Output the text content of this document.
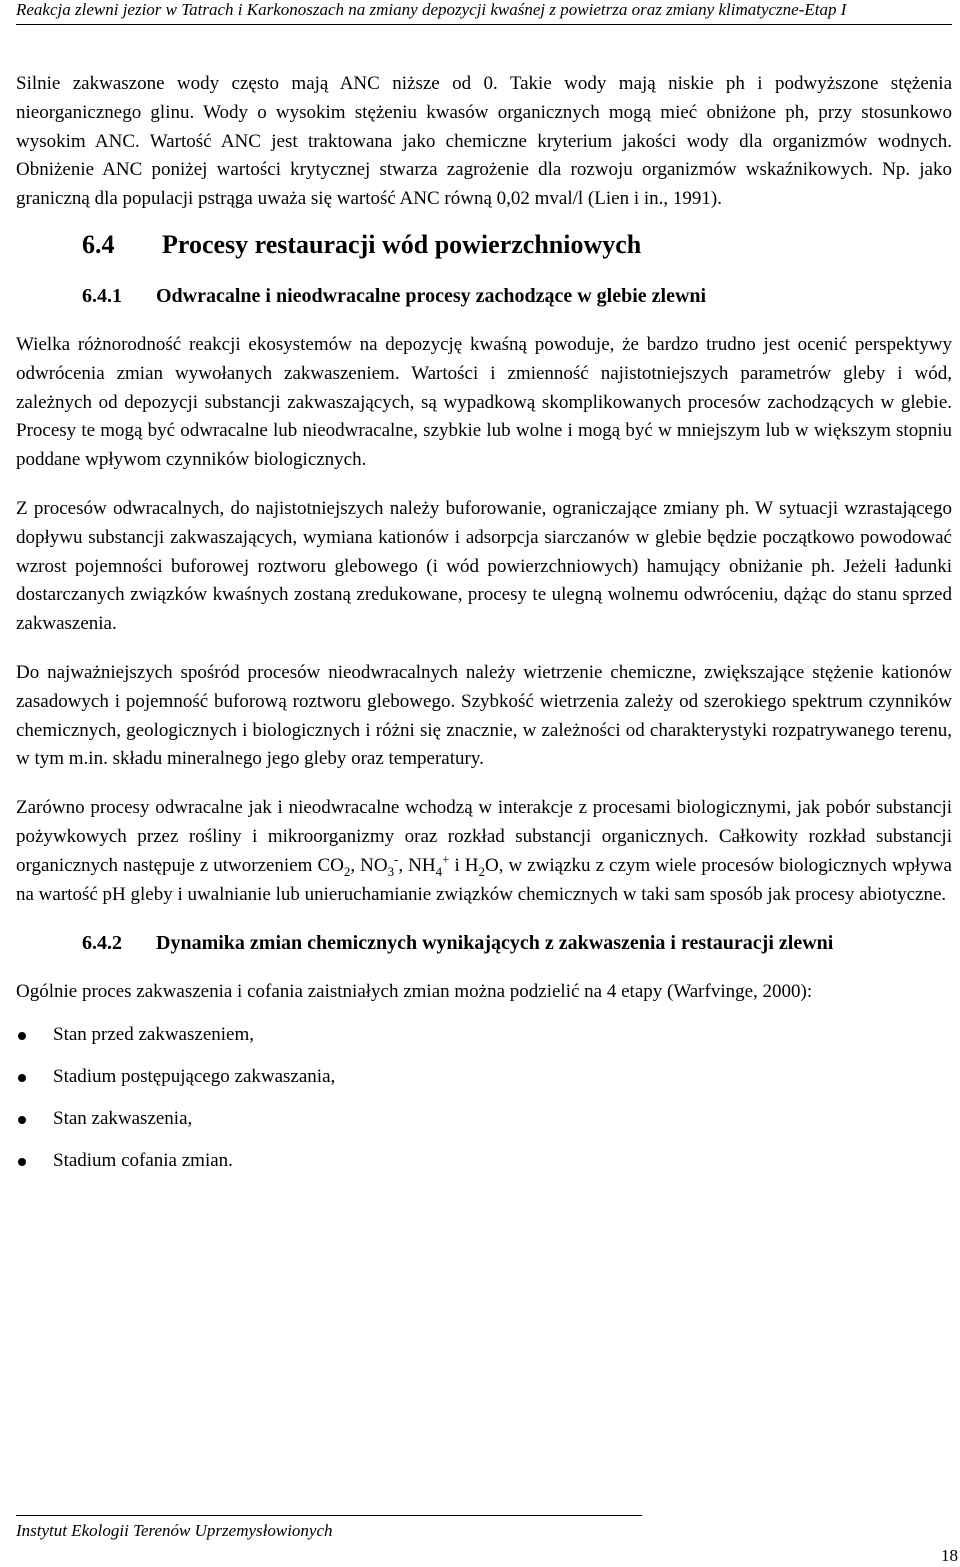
Reakcja zlewni jezior w Tatrach i Karkonoszach na zmiany depozycji kwaśnej z powietrza oraz zmiany klimatyczne-Etap I

Silnie zakwaszone wody często mają ANC niższe od 0. Takie wody mają niskie ph i podwyższone stężenia nieorganicznego glinu. Wody o wysokim stężeniu kwasów organicznych mogą mieć obniżone ph, przy stosunkowo wysokim ANC. Wartość ANC jest traktowana jako chemiczne kryterium jakości wody dla organizmów wodnych. Obniżenie ANC poniżej wartości krytycznej stwarza zagrożenie dla rozwoju organizmów wskaźnikowych. Np. jako graniczną dla populacji pstrąga uważa się wartość ANC równą 0,02 mval/l (Lien i in., 1991).

6.4 Procesy restauracji wód powierzchniowych
6.4.1 Odwracalne i nieodwracalne procesy zachodzące w glebie zlewni

Wielka różnorodność reakcji ekosystemów na depozycję kwaśną powoduje, że bardzo trudno jest ocenić perspektywy odwrócenia zmian wywołanych zakwaszeniem. Wartości i zmienność najistotniejszych parametrów gleby i wód, zależnych od depozycji substancji zakwaszających, są wypadkową skomplikowanych procesów zachodzących w glebie. Procesy te mogą być odwracalne lub nieodwracalne, szybkie lub wolne i mogą być w mniejszym lub w większym stopniu poddane wpływom czynników biologicznych.

Z procesów odwracalnych, do najistotniejszych należy buforowanie, ograniczające zmiany ph. W sytuacji wzrastającego dopływu substancji zakwaszających, wymiana kationów i adsorpcja siarczanów w glebie będzie początkowo powodować wzrost pojemności buforowej roztworu glebowego (i wód powierzchniowych) hamujący obniżanie ph. Jeżeli ładunki dostarczanych związków kwaśnych zostaną zredukowane, procesy te ulegną wolnemu odwróceniu, dążąc do stanu sprzed zakwaszenia.

Do najważniejszych spośród procesów nieodwracalnych należy wietrzenie chemiczne, zwiększające stężenie kationów zasadowych i pojemność buforową roztworu glebowego. Szybkość wietrzenia zależy od szerokiego spektrum czynników chemicznych, geologicznych i biologicznych i różni się znacznie, w zależności od charakterystyki rozpatrywanego terenu, w tym m.in. składu mineralnego jego gleby oraz temperatury.

Zarówno procesy odwracalne jak i nieodwracalne wchodzą w interakcje z procesami biologicznymi, jak pobór substancji pożywkowych przez rośliny i mikroorganizmy oraz rozkład substancji organicznych. Całkowity rozkład substancji organicznych następuje z utworzeniem $CO_2$, $NO_3^-$, $NH_4^+$ i $H_2O$, w związku z czym wiele procesów biologicznych wpływa na wartość pH gleby i uwalnianie lub unieruchamianie związków chemicznych w taki sam sposób jak procesy abiotyczne.

6.4.2 Dynamika zmian chemicznych wynikających z zakwaszenia i restauracji zlewni

Ogólnie proces zakwaszenia i cofania zaistniałych zmian można podzielić na 4 etapy (Warfvinge, 2000):

Stan przed zakwaszeniem,
Stadium postępującego zakwaszania,
Stan zakwaszenia,
Stadium cofania zmian.
Instytut Ekologii Terenów Uprzemysłowionych
18
